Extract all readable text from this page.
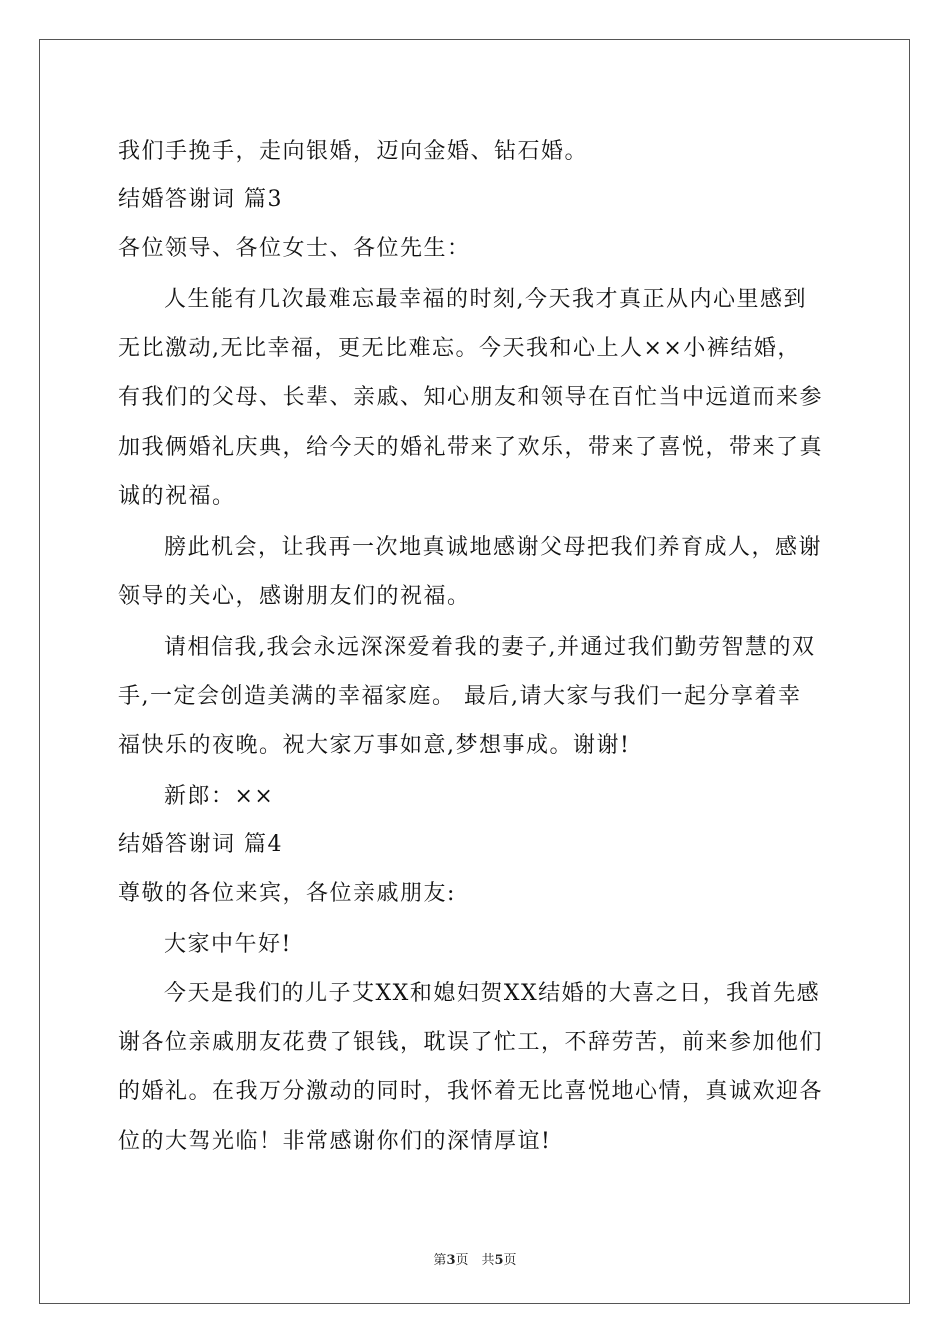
我们手挽手，走向银婚，迈向金婚、钻石婚。
结婚答谢词 篇3
各位领导、各位女士、各位先生：
人生能有几次最难忘最幸福的时刻,今天我才真正从内心里感到
无比激动,无比幸福，更无比难忘。今天我和心上人××小裤结婚，
有我们的父母、长辈、亲戚、知心朋友和领导在百忙当中远道而来参
加我俩婚礼庆典，给今天的婚礼带来了欢乐，带来了喜悦，带来了真
诚的祝福。
膀此机会，让我再一次地真诚地感谢父母把我们养育成人，感谢
领导的关心，感谢朋友们的祝福。
请相信我,我会永远深深爱着我的妻子,并通过我们勤劳智慧的双
手,一定会创造美满的幸福家庭。 最后,请大家与我们一起分享着幸
福快乐的夜晚。祝大家万事如意,梦想事成。谢谢!
新郎：××
结婚答谢词 篇4
尊敬的各位来宾，各位亲戚朋友:
大家中午好!
今天是我们的儿子艾XX和媳妇贺XX结婚的大喜之日，我首先感
谢各位亲戚朋友花费了银钱，耽误了忙工，不辞劳苦，前来参加他们
的婚礼。在我万分激动的同时，我怀着无比喜悦地心情，真诚欢迎各
位的大驾光临！非常感谢你们的深情厚谊!
第3页　共5页
